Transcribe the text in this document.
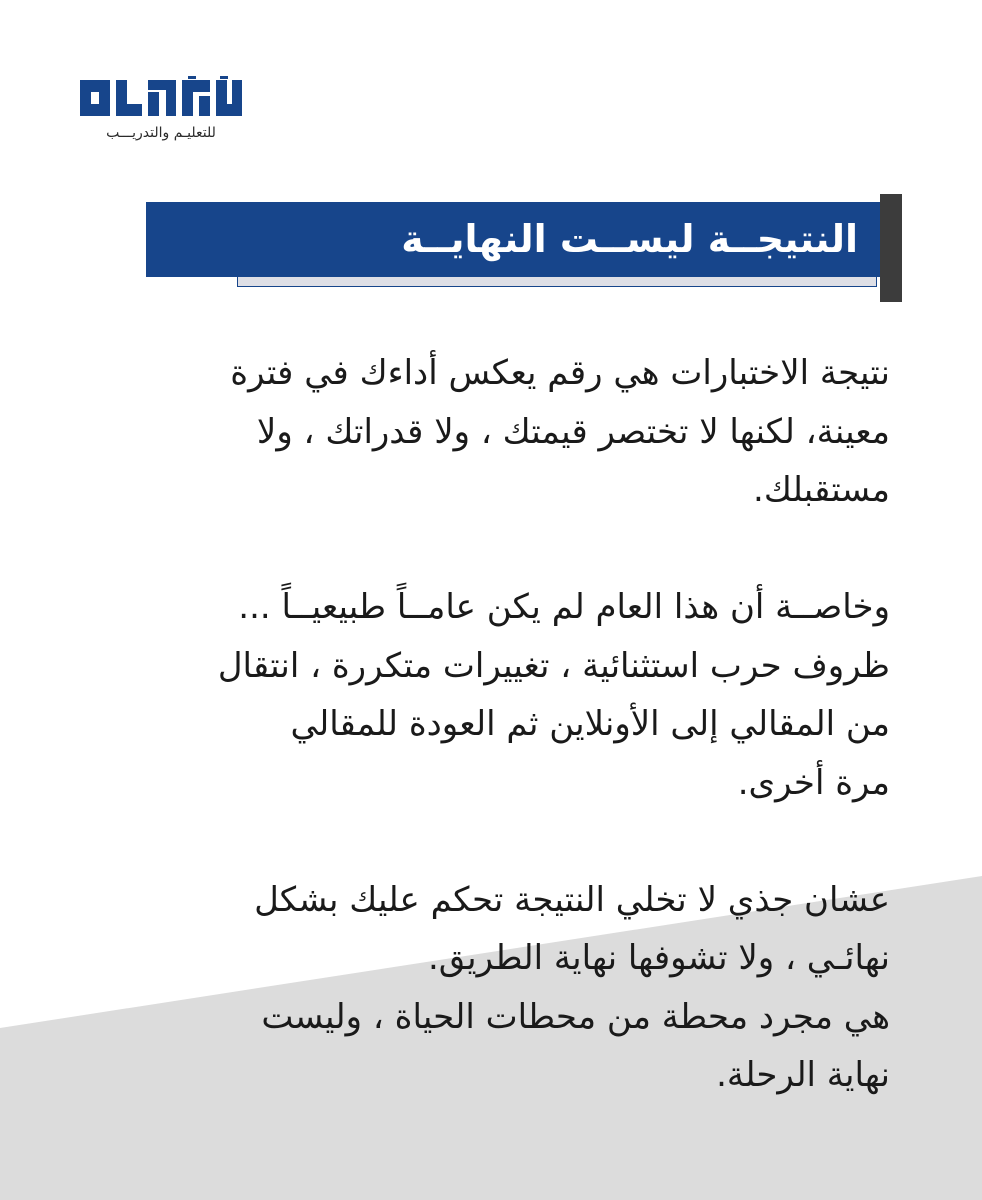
للتعليـم والتدريـــب
النتيجــة ليســت النهايــة

نتيجة الاختبارات هي رقم يعكس أداءك في فترة
معينة، لكنها لا تختصر قيمتك ، ولا قدراتك ، ولا
مستقبلك.

وخاصــة أن هذا العام لم يكن عامــاً طبيعيــاً ...
ظروف حرب استثنائية ، تغييرات متكررة ، انتقال
من المقالي إلى الأونلاين ثم العودة للمقالي
مرة أخرى.

عشان جذي لا تخلي النتيجة تحكم عليك بشكل
نهائـي ، ولا تشوفها نهاية الطريق.
هي مجرد محطة من محطات الحياة ، وليست
نهاية الرحلة.
